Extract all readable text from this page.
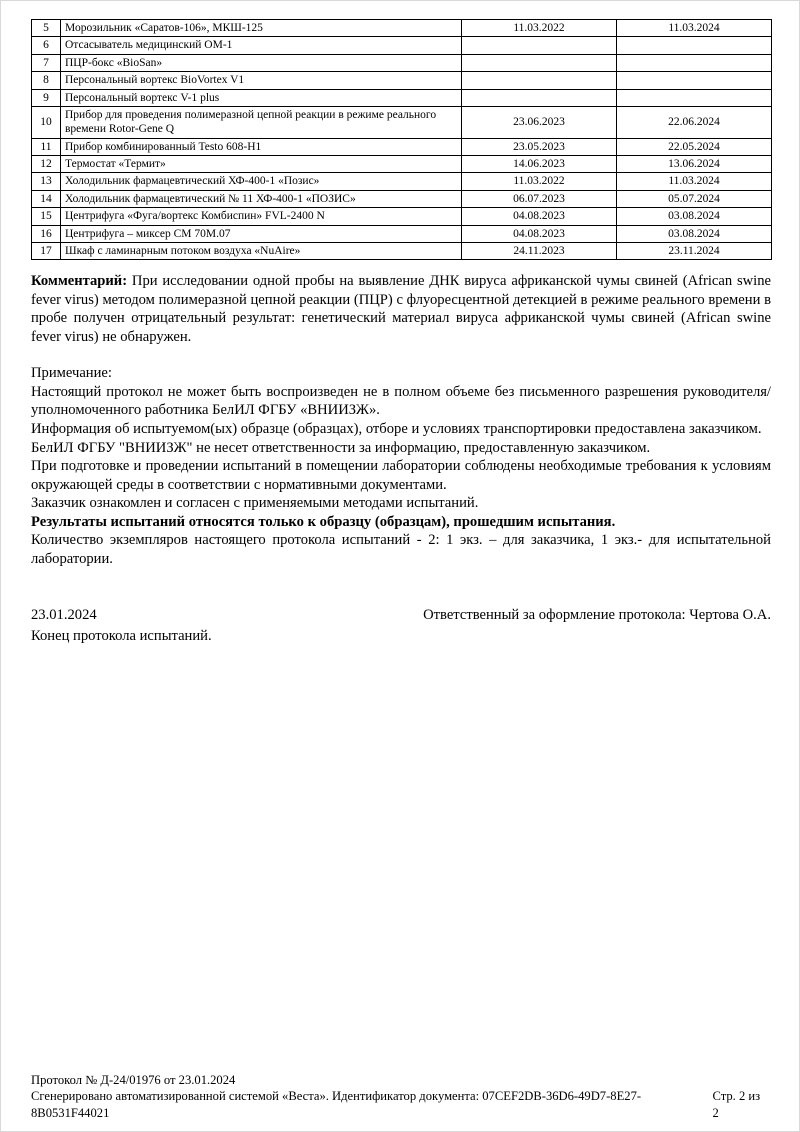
5	Морозильник «Саратов-106», МКШ-125	11.03.2022	11.03.2024
6	Отсасыватель медицинский ОМ-1		
7	ПЦР-бокс «BioSan»		
8	Персональный вортекс BioVortex V1		
9	Персональный вортекс V-1 plus		
10	Прибор для проведения полимеразной цепной реакции в режиме реального времени Rotor-Gene Q	23.06.2023	22.06.2024
11	Прибор комбинированный Testo 608-H1	23.05.2023	22.05.2024
12	Термостат «Термит»	14.06.2023	13.06.2024
13	Холодильник фармацевтический ХФ-400-1 «Позис»	11.03.2022	11.03.2024
14	Холодильник фармацевтический № 11 ХФ-400-1 «ПОЗИС»	06.07.2023	05.07.2024
15	Центрифуга «Фуга/вортекс Комбиспин» FVL-2400 N	04.08.2023	03.08.2024
16	Центрифуга – миксер СМ 70М.07	04.08.2023	03.08.2024
17	Шкаф с ламинарным потоком воздуха «NuAire»	24.11.2023	23.11.2024

Комментарий: При исследовании одной пробы на выявление ДНК вируса африканской чумы свиней (African swine fever virus) методом полимеразной цепной реакции (ПЦР) с флуоресцентной детекцией в режиме реального времени в пробе получен отрицательный результат: генетический материал вируса африканской чумы свиней (African swine fever virus) не обнаружен.

Примечание:

Настоящий протокол не может быть воспроизведен не в полном объеме без письменного разрешения руководителя/уполномоченного работника БелИЛ ФГБУ «ВНИИЗЖ».

Информация об испытуемом(ых) образце (образцах), отборе и условиях транспортировки предоставлена заказчиком.

БелИЛ ФГБУ "ВНИИЗЖ" не несет ответственности за информацию, предоставленную заказчиком.

При подготовке и проведении испытаний в помещении лаборатории соблюдены необходимые требования к условиям окружающей среды в соответствии с нормативными документами.

Заказчик ознакомлен и согласен с применяемыми методами испытаний.

Результаты испытаний относятся только к образцу (образцам), прошедшим испытания.

Количество экземпляров настоящего протокола испытаний - 2: 1 экз. – для заказчика, 1 экз.- для испытательной лаборатории.

23.01.2024	Ответственный за оформление протокола: Чертова О.А.
Конец протокола испытаний.
Протокол № Д-24/01976 от 23.01.2024
Сгенерировано автоматизированной системой «Веста». Идентификатор документа: 07CEF2DB-36D6-49D7-8E27-8B0531F44021
Стр. 2 из 2
